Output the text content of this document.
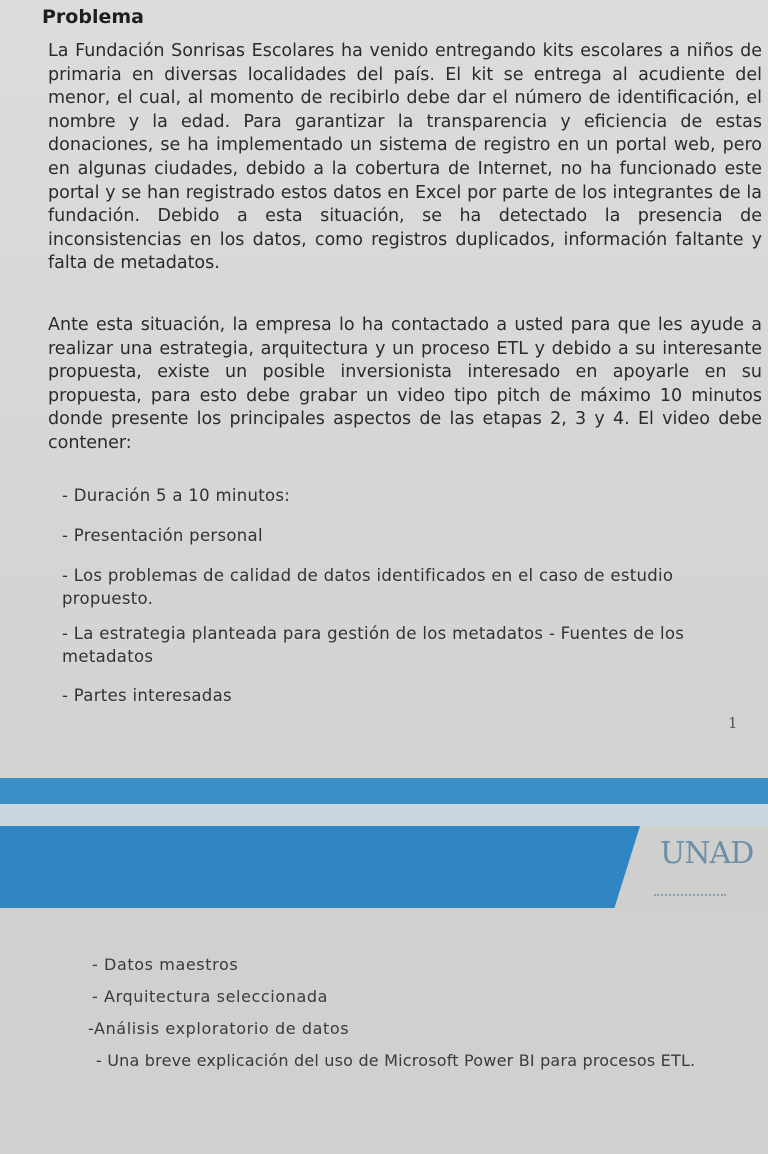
Problema

La Fundación Sonrisas Escolares ha venido entregando kits escolares a niños de primaria en diversas localidades del país. El kit se entrega al acudiente del menor, el cual, al momento de recibirlo debe dar el número de identificación, el nombre y la edad. Para garantizar la transparencia y eficiencia de estas donaciones, se ha implementado un sistema de registro en un portal web, pero en algunas ciudades, debido a la cobertura de Internet, no ha funcionado este portal y se han registrado estos datos en Excel por parte de los integrantes de la fundación. Debido a esta situación, se ha detectado la presencia de inconsistencias en los datos, como registros duplicados, información faltante y falta de metadatos.

Ante esta situación, la empresa lo ha contactado a usted para que les ayude a realizar una estrategia, arquitectura y un proceso ETL y debido a su interesante propuesta, existe un posible inversionista interesado en apoyarle en su propuesta, para esto debe grabar un video tipo pitch de máximo 10 minutos donde presente los principales aspectos de las etapas 2, 3 y 4. El video debe contener:

- Duración 5 a 10 minutos:
- Presentación personal
- Los problemas de calidad de datos identificados en el caso de estudio propuesto.
- La estrategia planteada para gestión de los metadatos - Fuentes de los metadatos
- Partes interesadas
1
UNAD
- Datos maestros
- Arquitectura seleccionada
-Análisis exploratorio de datos
- Una breve explicación del uso de Microsoft Power BI para procesos ETL.
